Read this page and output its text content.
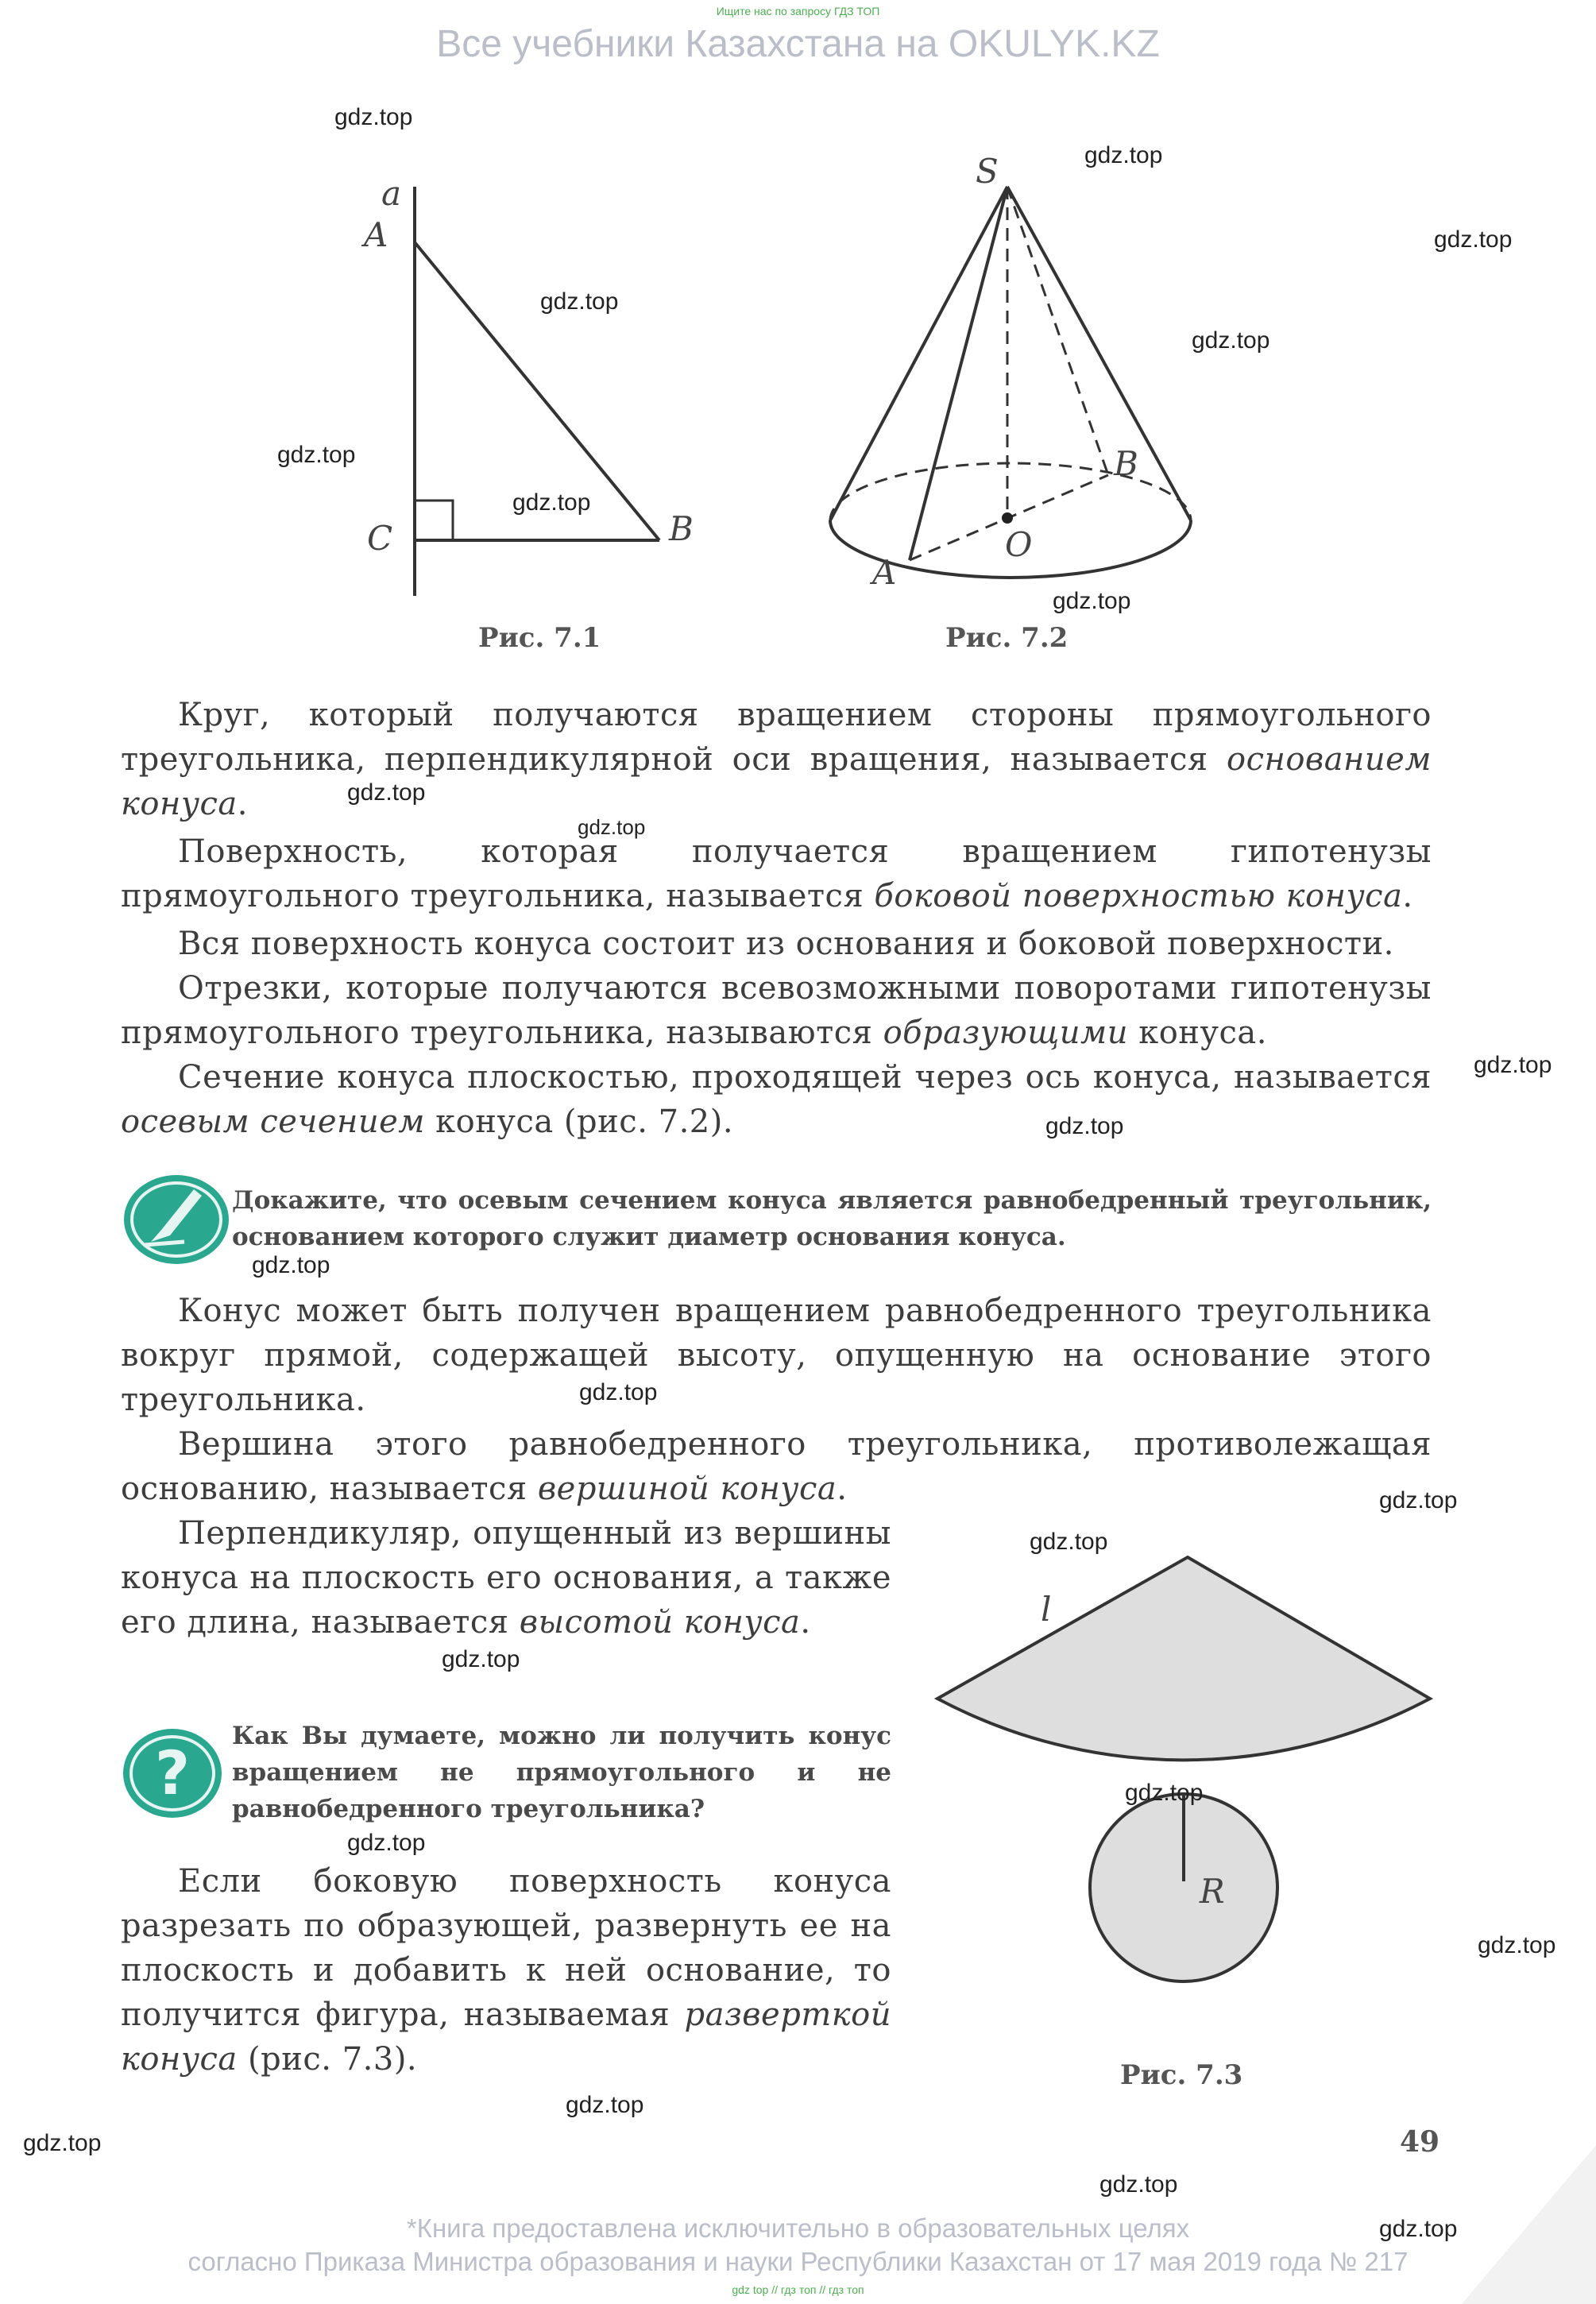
Ищите нас по запросу ГДЗ ТОП
Все учебники Казахстана на OKULYK.KZ
a
A
C	B
Рис. 7.1
S
B
O
A
Рис. 7.2

Круг, который получаются вращением стороны прямоугольного треугольника, перпендикулярной оси вращения, называется основанием конуса.

Поверхность, которая получается вращением гипотенузы прямоугольного треугольника, называется боковой поверхностью конуса.

Вся поверхность конуса состоит из основания и боковой поверхности.

Отрезки, которые получаются всевозможными поворотами гипотенузы прямоугольного треугольника, называются образующими конуса.

Сечение конуса плоскостью, проходящей через ось конуса, называется осевым сечением конуса (рис. 7.2).

Докажите, что осевым сечением конуса является равнобедренный треугольник, основанием которого служит диаметр основания конуса.

Конус может быть получен вращением равнобедренного треугольника вокруг прямой, содержащей высоту, опущенную на основание этого треугольника.

Вершина этого равнобедренного треугольника, противолежащая основанию, называется вершиной конуса.

Перпендикуляр, опущенный из вершины конуса на плоскость его основания, а также его длина, называется высотой конуса.

?

Как Вы думаете, можно ли получить конус вращением не прямоугольного и не равнобедренного треугольника?

Если боковую поверхность конуса разрезать по образующей, развернуть ее на плоскость и добавить к ней основание, то получится фигура, называемая разверткой конуса (рис. 7.3).

l
R
Рис. 7.3
49
gdz.top
gdz.top
gdz.top
gdz.top
gdz.top
gdz.top
gdz.top
gdz.top
gdz.top
gdz.top
gdz.top
gdz.top
gdz.top
gdz.top
gdz.top
gdz.top
gdz.top
gdz.top
gdz.top
gdz.top
gdz.top
gdz.top
gdz.top
gdz.top
*Книга предоставлена исключительно в образовательных целях
согласно Приказа Министра образования и науки Республики Казахстан от 17 мая 2019 года № 217
gdz top // гдз топ // гдз топ
